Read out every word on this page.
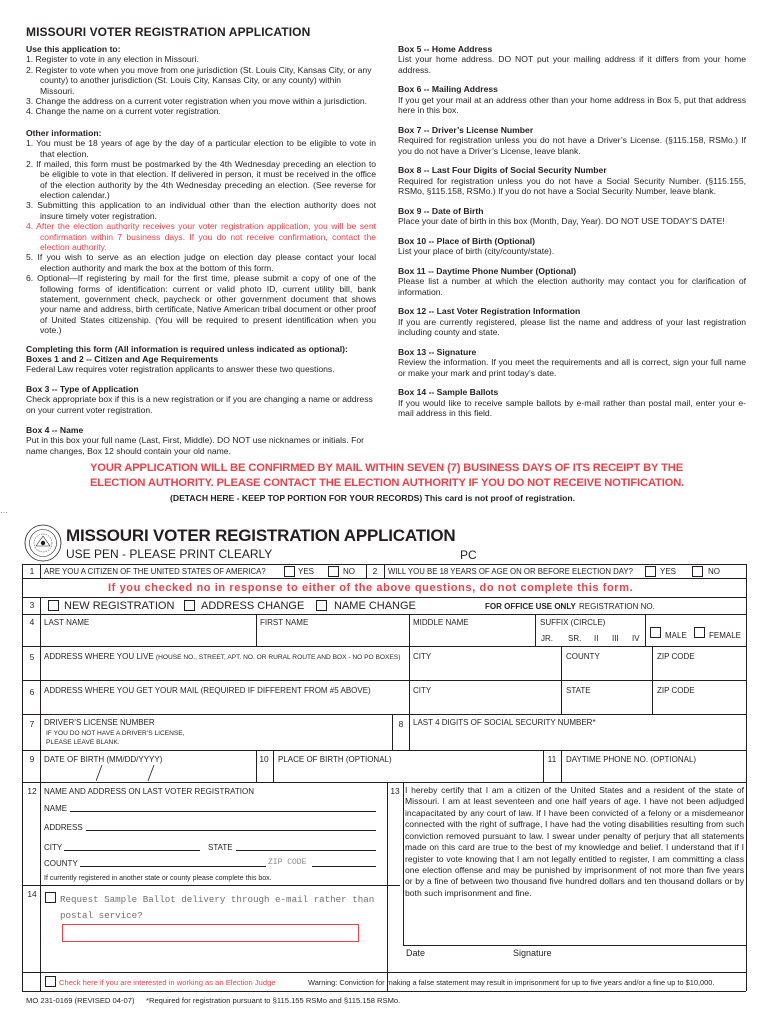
MISSOURI VOTER REGISTRATION APPLICATION
Use this application to:

1. Register to vote in any election in Missouri.

2. Register to vote when you move from one jurisdiction (St. Louis City, Kansas City, or any county) to another jurisdiction (St. Louis City, Kansas City, or any county) within Missouri.

3. Change the address on a current voter registration when you move within a jurisdiction.

4. Change the name on a current voter registration.

Other information:

1. You must be 18 years of age by the day of a particular election to be eligible to vote in that election.

2. If mailed, this form must be postmarked by the 4th Wednesday preceding an election to be eligible to vote in that election. If delivered in person, it must be received in the office of the election authority by the 4th Wednesday preceding an election. (See reverse for election calendar.)

3. Submitting this application to an individual other than the election authority does not insure timely voter registration.

4. After the election authority receives your voter registration application, you will be sent confirmation within 7 business days. If you do not receive confirmation, contact the election authority.

5. If you wish to serve as an election judge on election day please contact your local election authority and mark the box at the bottom of this form.

6. Optional—If registering by mail for the first time, please submit a copy of one of the following forms of identification: current or valid photo ID, current utility bill, bank statement, government check, paycheck or other government document that shows your name and address, birth certificate, Native American tribal document or other proof of United States citizenship. (You will be required to present identification when you vote.)

Completing this form (All information is required unless indicated as optional):
Boxes 1 and 2 -- Citizen and Age Requirements
Federal Law requires voter registration applicants to answer these two questions.
Box 3 -- Type of Application
Check appropriate box if this is a new registration or if you are changing a name or address on your current voter registration.
Box 4 -- Name
Put in this box your full name (Last, First, Middle). DO NOT use nicknames or initials. For name changes, Box 12 should contain your old name.
Box 5 -- Home Address
List your home address. DO NOT put your mailing address if it differs from your home address.
Box 6 -- Mailing Address
If you get your mail at an address other than your home address in Box 5, put that address here in this box.
Box 7 -- Driver’s License Number
Required for registration unless you do not have a Driver’s License. (§115.158, RSMo.) If you do not have a Driver’s License, leave blank.
Box 8 -- Last Four Digits of Social Security Number
Required for registration unless you do not have a Social Security Number. (§115.155, RSMo, §115.158, RSMo.) If you do not have a Social Security Number, leave blank.
Box 9 -- Date of Birth
Place your date of birth in this box (Month, Day, Year). DO NOT USE TODAY’S DATE!
Box 10 -- Place of Birth (Optional)
List your place of birth (city/county/state).
Box 11 -- Daytime Phone Number (Optional)
Please list a number at which the election authority may contact you for clarification of information.
Box 12 -- Last Voter Registration Information
If you are currently registered, please list the name and address of your last registration including county and state.
Box 13 -- Signature
Review the information. If you meet the requirements and all is correct, sign your full name or make your mark and print today’s date.
Box 14 -- Sample Ballots
If you would like to receive sample ballots by e-mail rather than postal mail, enter your e-mail address in this field.
YOUR APPLICATION WILL BE CONFIRMED BY MAIL WITHIN SEVEN (7) BUSINESS DAYS OF ITS RECEIPT BY THE
ELECTION AUTHORITY. PLEASE CONTACT THE ELECTION AUTHORITY IF YOU DO NOT RECEIVE NOTIFICATION.
(DETACH HERE - KEEP TOP PORTION FOR YOUR RECORDS) This card is not proof of registration.
···
MISSOURI VOTER REGISTRATION APPLICATION
USE PEN - PLEASE PRINT CLEARLY	PC
1	ARE YOU A CITIZEN OF THE UNITED STATES OF AMERICA?	YES	NO	2	WILL YOU BE 18 YEARS OF AGE ON OR BEFORE ELECTION DAY?	YES	NO
If you checked no in response to either of the above questions, do not complete this form.
3	NEW REGISTRATION ADDRESS CHANGE	NAME CHANGE	FOR OFFICE USE ONLY REGISTRATION NO.
4	LAST NAME	FIRST NAME	MIDDLE NAME	SUFFIX (CIRCLE)
JR. SR. II III IV	MALE	FEMALE
5	ADDRESS WHERE YOU LIVE (HOUSE NO., STREET, APT. NO. OR RURAL ROUTE AND BOX - NO PO BOXES) CITY	COUNTY	ZIP CODE
6	ADDRESS WHERE YOU GET YOUR MAIL (REQUIRED IF DIFFERENT FROM #5 ABOVE)	CITY	STATE	ZIP CODE
7	DRIVER’S LICENSE NUMBER
IF YOU DO NOT HAVE A DRIVER’S LICENSE,
PLEASE LEAVE BLANK.
8	LAST 4 DIGITS OF SOCIAL SECURITY NUMBER*
9	DATE OF BIRTH (MM/DD/YYYY)	10 PLACE OF BIRTH (OPTIONAL)	11	DAYTIME PHONE NO. (OPTIONAL)
12 NAME AND ADDRESS ON LAST VOTER REGISTRATION
NAME
ADDRESS
CITY	STATE
COUNTY	ZIP CODE
If currently registered in another state or county please complete this box.
13 I hereby certify that I am a citizen of the United States and a resident of the state of Missouri. I am at least seventeen and one half years of age. I have not been adjudged incapacitated by any court of law. If I have been convicted of a felony or a misdemeanor connected with the right of suffrage, I have had the voting disabilities resulting from such conviction removed pursuant to law. I swear under penalty of perjury that all statements made on this card are true to the best of my knowledge and belief. I understand that if I register to vote knowing that I am not legally entitled to register, I am committing a class one election offense and may be punished by imprisonment of not more than five years or by a fine of between two thousand five hundred dollars and ten thousand dollars or by both such imprisonment and fine.
Date	Signature
14	Request Sample Ballot delivery through e-mail rather than postal service?
Check here if you are interested in working as an Election Judge	Warning: Conviction for making a false statement may result in imprisonment for up to five years and/or a fine up to $10,000.
MO 231-0169 (REVISED 04-07) *Required for registration pursuant to §115.155 RSMo and §115.158 RSMo.
